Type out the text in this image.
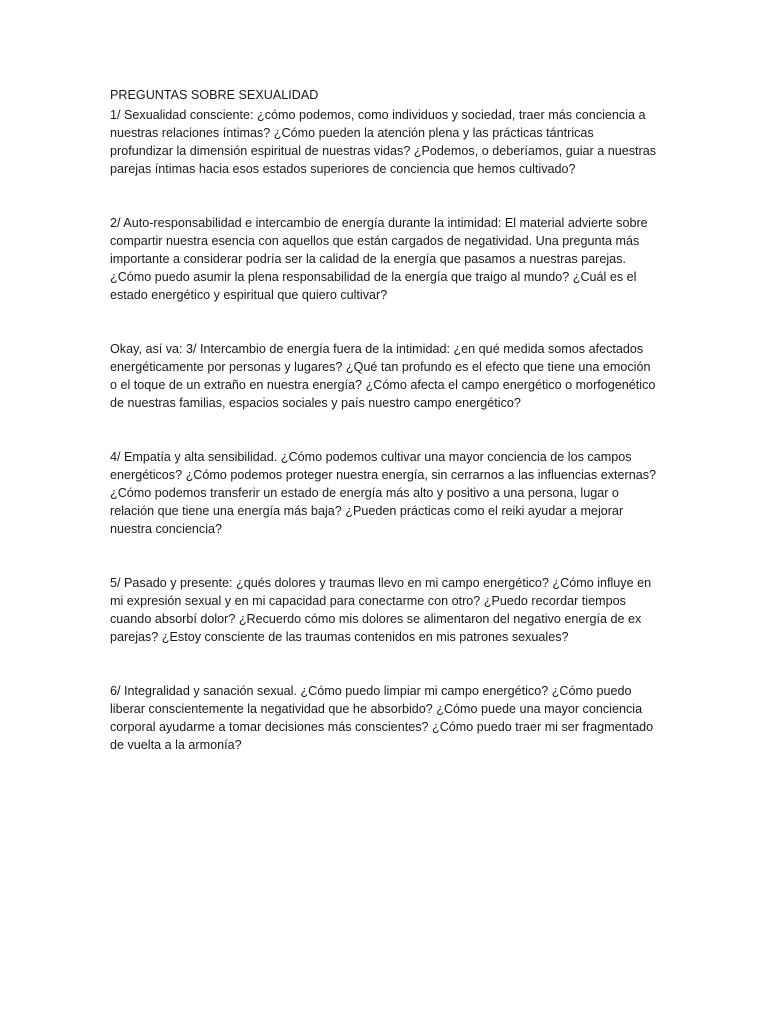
PREGUNTAS SOBRE SEXUALIDAD

1/ Sexualidad consciente: ¿cómo podemos, como individuos y sociedad, traer más conciencia a nuestras relaciones íntimas? ¿Cómo pueden la atención plena y las prácticas tántricas profundizar la dimensión espiritual de nuestras vidas? ¿Podemos, o deberíamos, guiar a nuestras parejas íntimas hacia esos estados superiores de conciencia que hemos cultivado?

2/ Auto-responsabilidad e intercambio de energía durante la intimidad: El material advierte sobre compartir nuestra esencia con aquellos que están cargados de negatividad. Una pregunta más importante a considerar podría ser la calidad de la energía que pasamos a nuestras parejas. ¿Cómo puedo asumir la plena responsabilidad de la energía que traigo al mundo? ¿Cuál es el estado energético y espiritual que quiero cultivar?

Okay, así va: 3/ Intercambio de energía fuera de la intimidad: ¿en qué medida somos afectados energéticamente por personas y lugares? ¿Qué tan profundo es el efecto que tiene una emoción o el toque de un extraño en nuestra energía? ¿Cómo afecta el campo energético o morfogenético de nuestras familias, espacios sociales y país nuestro campo energético?

4/ Empatía y alta sensibilidad. ¿Cómo podemos cultivar una mayor conciencia de los campos energéticos? ¿Cómo podemos proteger nuestra energía, sin cerrarnos a las influencias externas? ¿Cómo podemos transferir un estado de energía más alto y positivo a una persona, lugar o relación que tiene una energía más baja? ¿Pueden prácticas como el reiki ayudar a mejorar nuestra conciencia?

5/ Pasado y presente: ¿qués dolores y traumas llevo en mi campo energético? ¿Cómo influye en mi expresión sexual y en mi capacidad para conectarme con otro? ¿Puedo recordar tiempos cuando absorbí dolor? ¿Recuerdo cómo mis dolores se alimentaron del negativo energía de ex parejas? ¿Estoy consciente de las traumas contenidos en mis patrones sexuales?

6/ Integralidad y sanación sexual. ¿Cómo puedo limpiar mi campo energético? ¿Cómo puedo liberar conscientemente la negatividad que he absorbido? ¿Cómo puede una mayor conciencia corporal ayudarme a tomar decisiones más conscientes? ¿Cómo puedo traer mi ser fragmentado de vuelta a la armonía?
